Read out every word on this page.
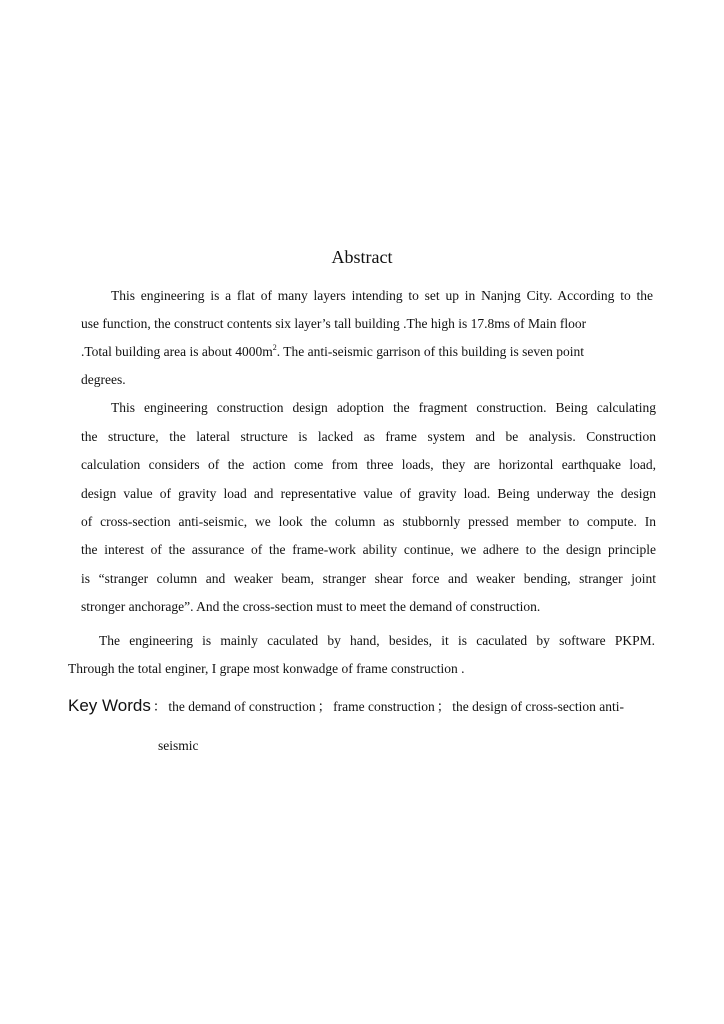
Abstract
This engineering is a flat of many layers intending to set up in Nanjng City. According to the
use function, the construct contents six layer’s tall building .The high is 17.8ms of Main floor
.Total building area is about $4000m^2$. The anti-seismic garrison of this building is seven point
degrees.
This engineering construction design adoption the fragment construction. Being calculating
the structure, the lateral structure is lacked as frame system and be analysis. Construction
calculation considers of the action come from three loads, they are horizontal earthquake load,
design value of gravity load and representative value of gravity load. Being underway the design
of cross-section anti-seismic, we look the column as stubbornly pressed member to compute. In
the interest of the assurance of the frame-work ability continue, we adhere to the design principle
is “stranger column and weaker beam, stranger shear force and weaker bending, stranger joint
stronger anchorage”. And the cross-section must to meet the demand of construction.
The engineering is mainly caculated by hand, besides, it is caculated by software PKPM.
Through the total enginer, I grape most konwadge of frame construction .
Key Words ： the demand of construction ； frame construction ； the design of cross-section anti-
seismic
